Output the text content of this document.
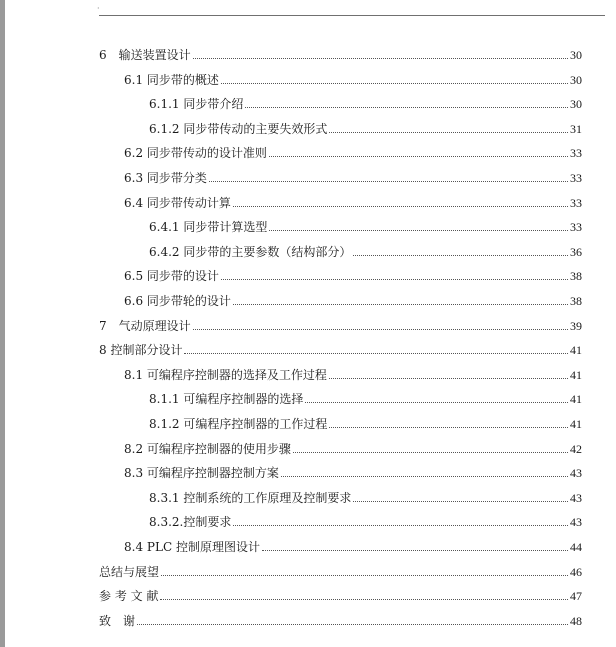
·
6　输送装置设计	30
6.1 同步带的概述	30
6.1.1 同步带介绍	30
6.1.2 同步带传动的主要失效形式	31
6.2 同步带传动的设计准则	33
6.3 同步带分类	33
6.4 同步带传动计算	33
6.4.1 同步带计算选型	33
6.4.2 同步带的主要参数（结构部分）	36
6.5 同步带的设计	38
6.6 同步带轮的设计	38
7　气动原理设计	39
8 控制部分设计	41
8.1 可编程序控制器的选择及工作过程	41
8.1.1 可编程序控制器的选择	41
8.1.2 可编程序控制器的工作过程	41
8.2 可编程序控制器的使用步骤	42
8.3 可编程序控制器控制方案	43
8.3.1 控制系统的工作原理及控制要求	43
8.3.2.控制要求	43
8.4 PLC 控制原理图设计	44
总结与展望	46
参 考 文 献	47
致　谢	48
